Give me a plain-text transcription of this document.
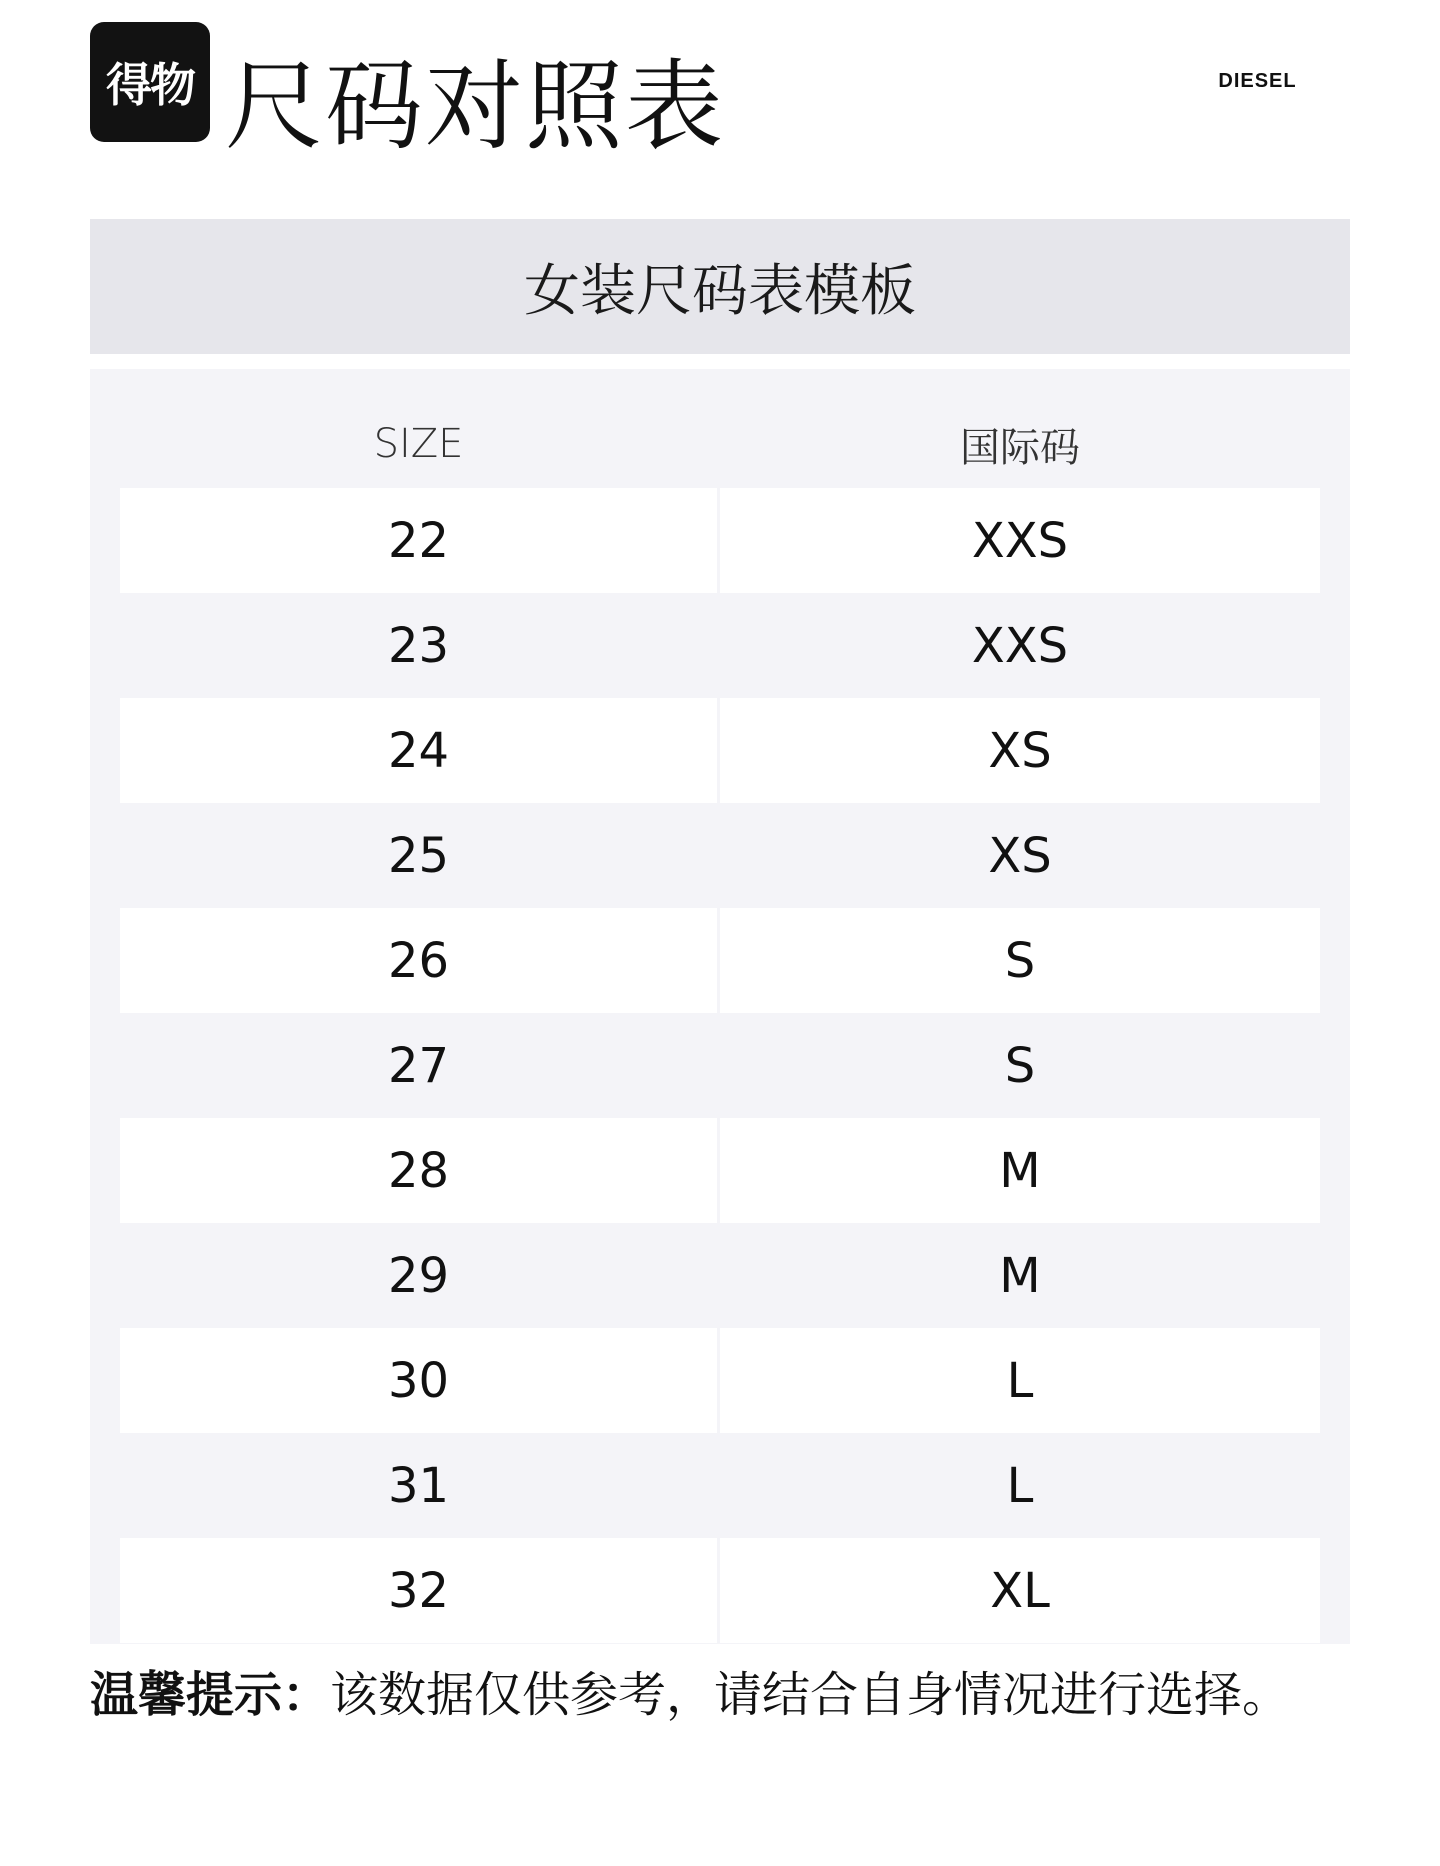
得物 尺码对照表	DIESEL
女装尺码表模板
SIZE	国际码
22	XXS
23	XXS
24	XS
25	XS
26	S
27	S
28	M
29	M
30	L
31	L
32	XL
温馨提示：该数据仅供参考，请结合自身情况进行选择。
